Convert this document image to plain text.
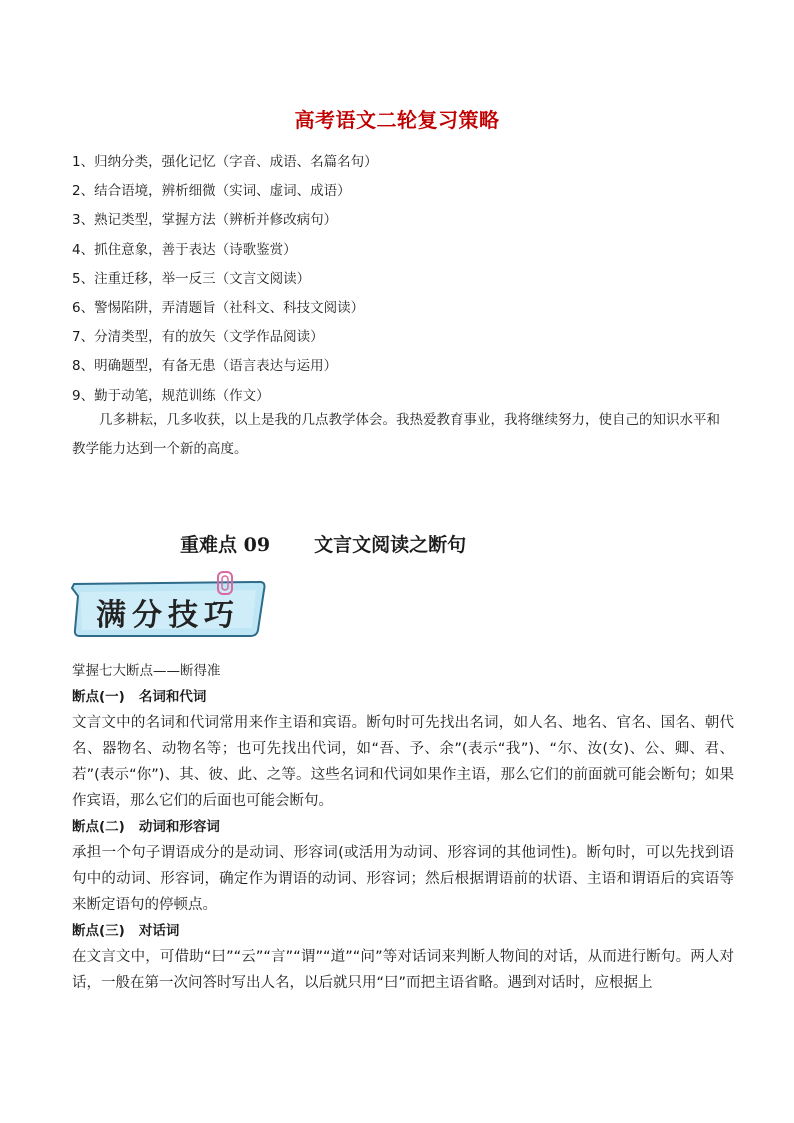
高考语文二轮复习策略
1、归纳分类，强化记忆（字音、成语、名篇名句）
2、结合语境，辨析细微（实词、虚词、成语）
3、熟记类型，掌握方法（辨析并修改病句）
4、抓住意象，善于表达（诗歌鉴赏）
5、注重迁移，举一反三（文言文阅读）
6、警惕陷阱，弄清题旨（社科文、科技文阅读）
7、分清类型，有的放矢（文学作品阅读）
8、明确题型，有备无患（语言表达与运用）
9、勤于动笔，规范训练（作文）
几多耕耘，几多收获，以上是我的几点教学体会。我热爱教育事业，我将继续努力，使自己的知识水平和教学能力达到一个新的高度。
重难点 09 文言文阅读之断句
满分技巧
掌握七大断点——断得准
断点(一) 名词和代词
文言文中的名词和代词常用来作主语和宾语。断句时可先找出名词，如人名、地名、官名、国名、朝代名、器物名、动物名等；也可先找出代词，如“吾、予、余”(表示“我”)、“尔、汝(女)、公、卿、君、若”(表示“你”)、其、彼、此、之等。这些名词和代词如果作主语，那么它们的前面就可能会断句；如果作宾语，那么它们的后面也可能会断句。
断点(二) 动词和形容词
承担一个句子谓语成分的是动词、形容词(或活用为动词、形容词的其他词性)。断句时，可以先找到语句中的动词、形容词，确定作为谓语的动词、形容词；然后根据谓语前的状语、主语和谓语后的宾语等来断定语句的停顿点。
断点(三) 对话词
在文言文中，可借助“曰”“云”“言”“谓”“道”“问”等对话词来判断人物间的对话，从而进行断句。两人对话，一般在第一次问答时写出人名，以后就只用“曰”而把主语省略。遇到对话时，应根据上
